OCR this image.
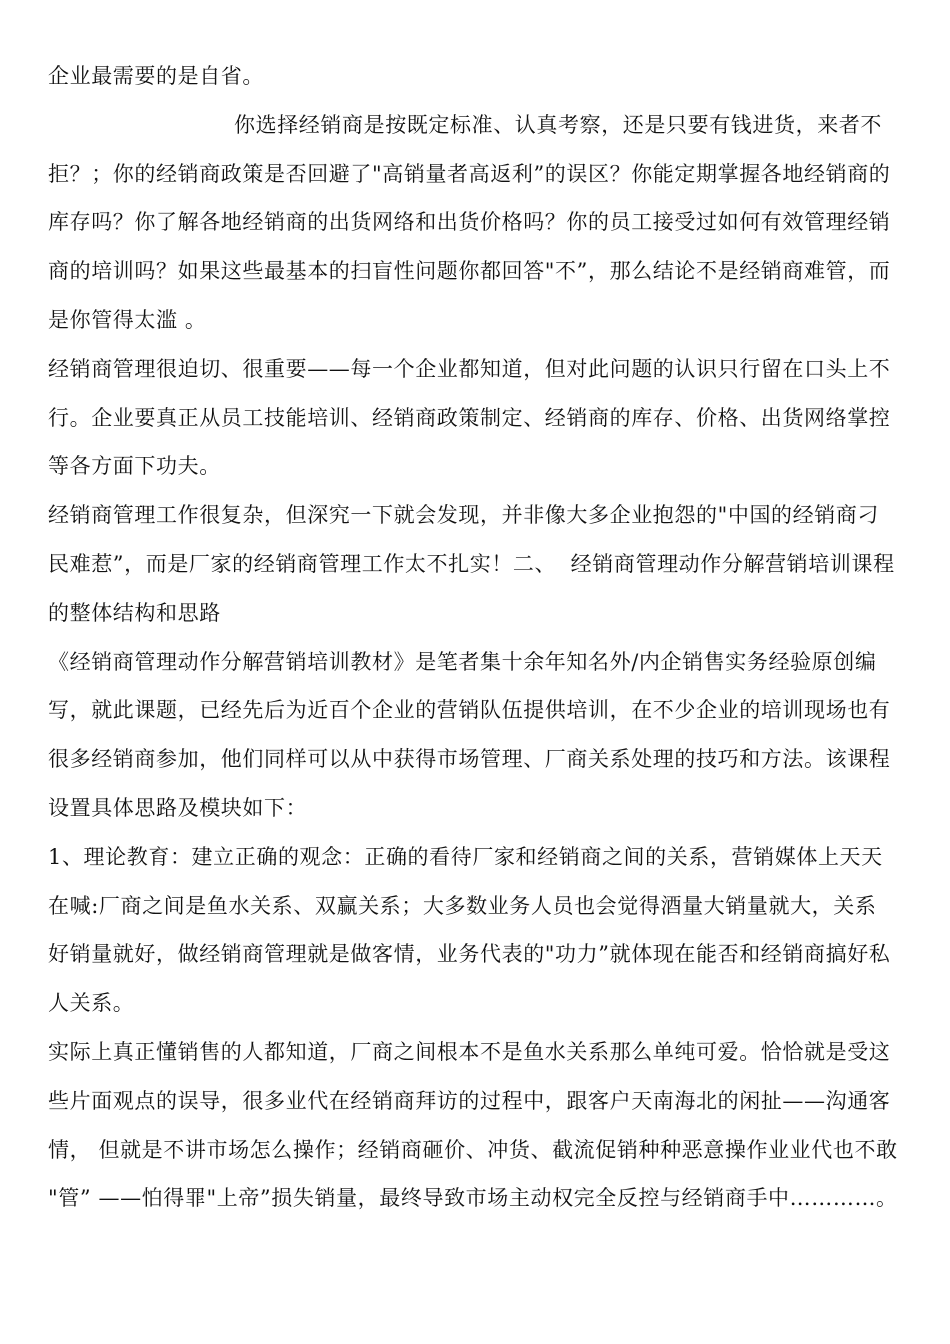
企业最需要的是自省。

你选择经销商是按既定标准、认真考察，还是只要有钱进货，来者不拒？；你的经销商政策是否回避了"高销量者高返利”的误区？你能定期掌握各地经销商的库存吗？你了解各地经销商的出货网络和出货价格吗？你的员工接受过如何有效管理经销商的培训吗？如果这些最基本的扫盲性问题你都回答"不”，那么结论不是经销商难管，而是你管得太滥 。

经销商管理很迫切、很重要——每一个企业都知道，但对此问题的认识只行留在口头上不行。企业要真正从员工技能培训、经销商政策制定、经销商的库存、价格、出货网络掌控等各方面下功夫。

经销商管理工作很复杂，但深究一下就会发现，并非像大多企业抱怨的"中国的经销商刁民难惹”，而是厂家的经销商管理工作太不扎实！二、  经销商管理动作分解营销培训课程的整体结构和思路

《经销商管理动作分解营销培训教材》是笔者集十余年知名外/内企销售实务经验原创编写，就此课题，已经先后为近百个企业的营销队伍提供培训，在不少企业的培训现场也有很多经销商参加，他们同样可以从中获得市场管理、厂商关系处理的技巧和方法。该课程设置具体思路及模块如下：

1、理论教育：建立正确的观念：正确的看待厂家和经销商之间的关系，营销媒体上天天在喊:厂商之间是鱼水关系、双赢关系；大多数业务人员也会觉得酒量大销量就大，关系好销量就好，做经销商管理就是做客情，业务代表的"功力”就体现在能否和经销商搞好私人关系。

实际上真正懂销售的人都知道，厂商之间根本不是鱼水关系那么单纯可爱。恰恰就是受这些片面观点的误导，很多业代在经销商拜访的过程中，跟客户天南海北的闲扯——沟通客情， 但就是不讲市场怎么操作；经销商砸价、冲货、截流促销种种恶意操作业业代也不敢 "管” ——怕得罪"上帝”损失销量，最终导致市场主动权完全反控与经销商手中…………。
